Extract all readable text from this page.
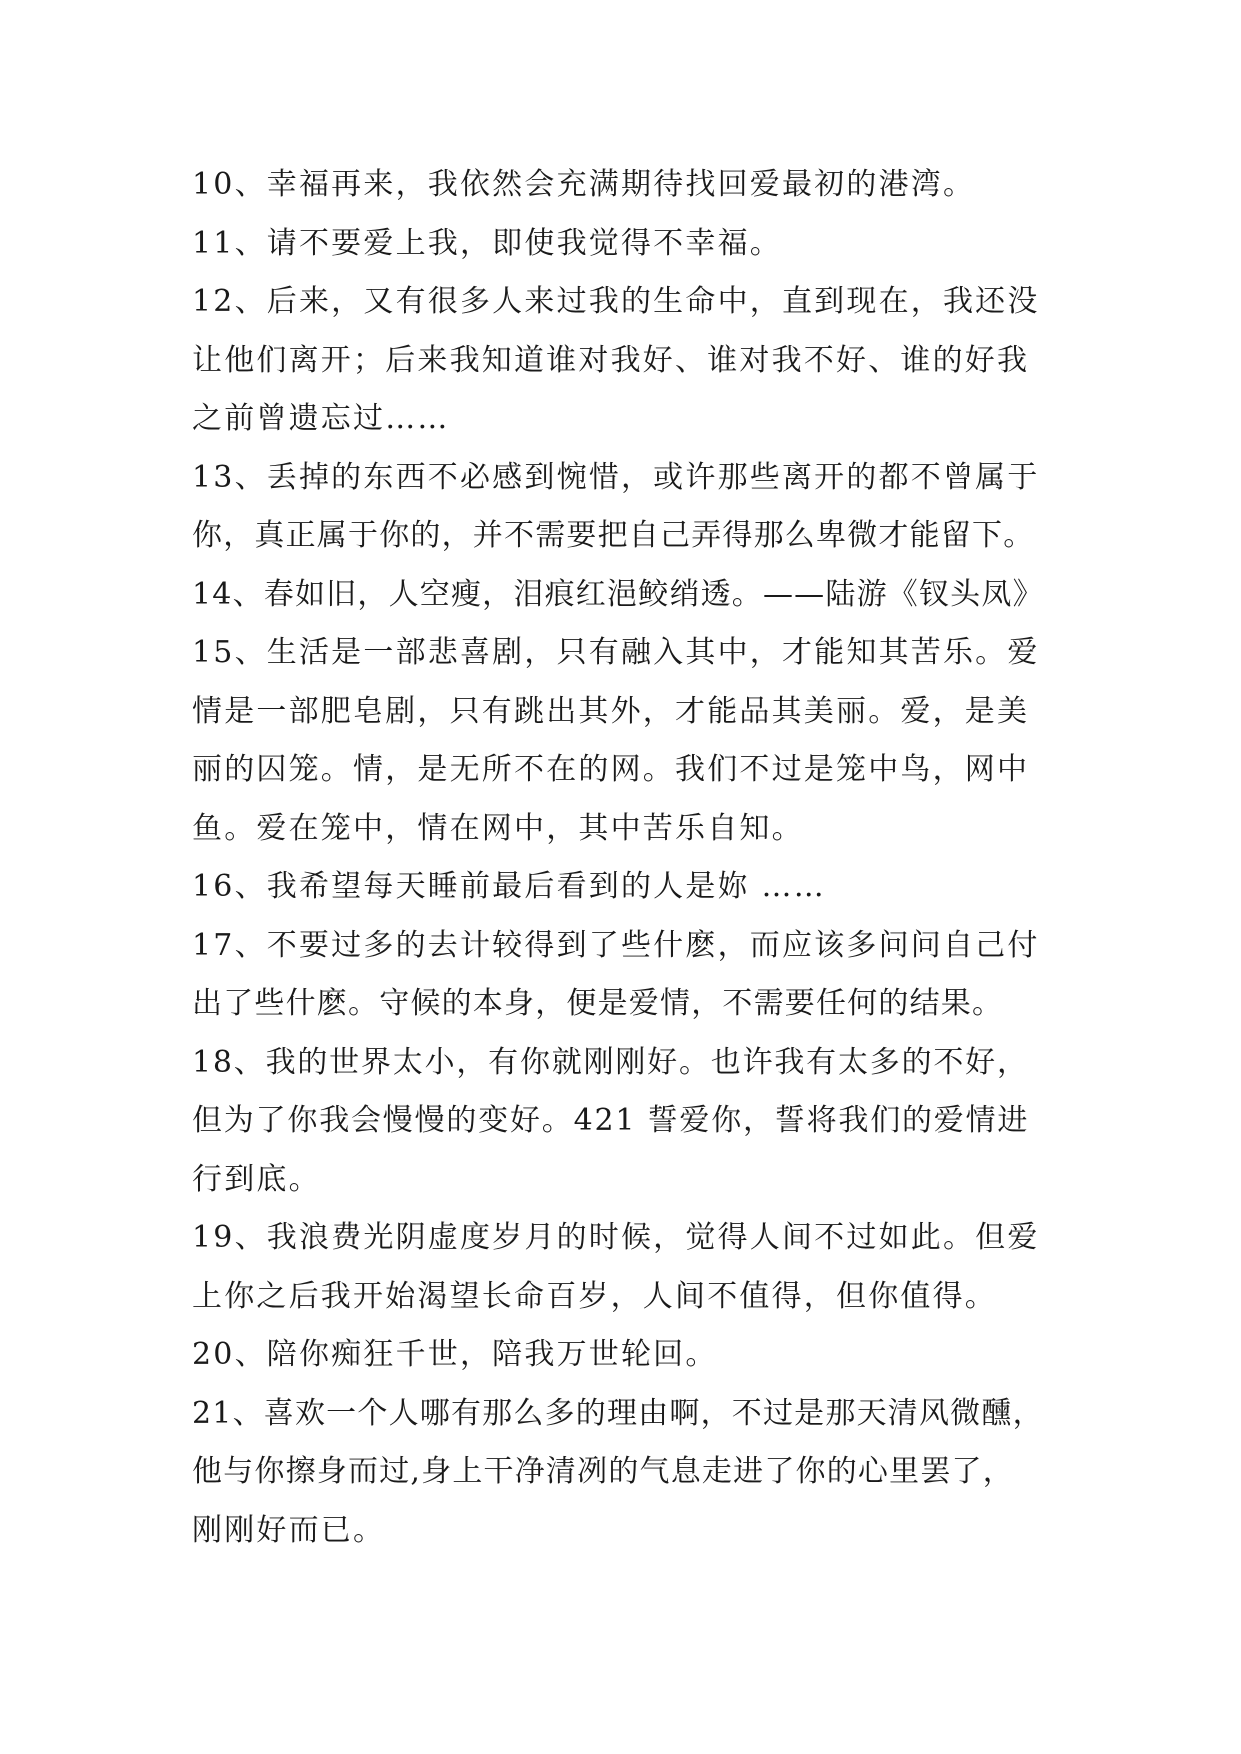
10、幸福再来，我依然会充满期待找回爱最初的港湾。
11、请不要爱上我，即使我觉得不幸福。
12、后来，又有很多人来过我的生命中，直到现在，我还没
让他们离开；后来我知道谁对我好、谁对我不好、谁的好我
之前曾遗忘过……
13、丢掉的东西不必感到惋惜，或许那些离开的都不曾属于
你，真正属于你的，并不需要把自己弄得那么卑微才能留下。
14、春如旧，人空瘦，泪痕红浥鲛绡透。——陆游《钗头凤》
15、生活是一部悲喜剧，只有融入其中，才能知其苦乐。爱
情是一部肥皂剧，只有跳出其外，才能品其美丽。爱，是美
丽的囚笼。情，是无所不在的网。我们不过是笼中鸟，网中
鱼。爱在笼中，情在网中，其中苦乐自知。
16、我希望每天睡前最后看到的人是妳 ……
17、不要过多的去计较得到了些什麽，而应该多问问自己付
出了些什麽。守候的本身，便是爱情，不需要任何的结果。
18、我的世界太小，有你就刚刚好。也许我有太多的不好，
但为了你我会慢慢的变好。421 誓爱你，誓将我们的爱情进
行到底。
19、我浪费光阴虚度岁月的时候，觉得人间不过如此。但爱
上你之后我开始渴望长命百岁，人间不值得，但你值得。
20、陪你痴狂千世，陪我万世轮回。
21、喜欢一个人哪有那么多的理由啊，不过是那天清风微醺，
他与你擦身而过,身上干净清冽的气息走进了你的心里罢了，
刚刚好而已。
